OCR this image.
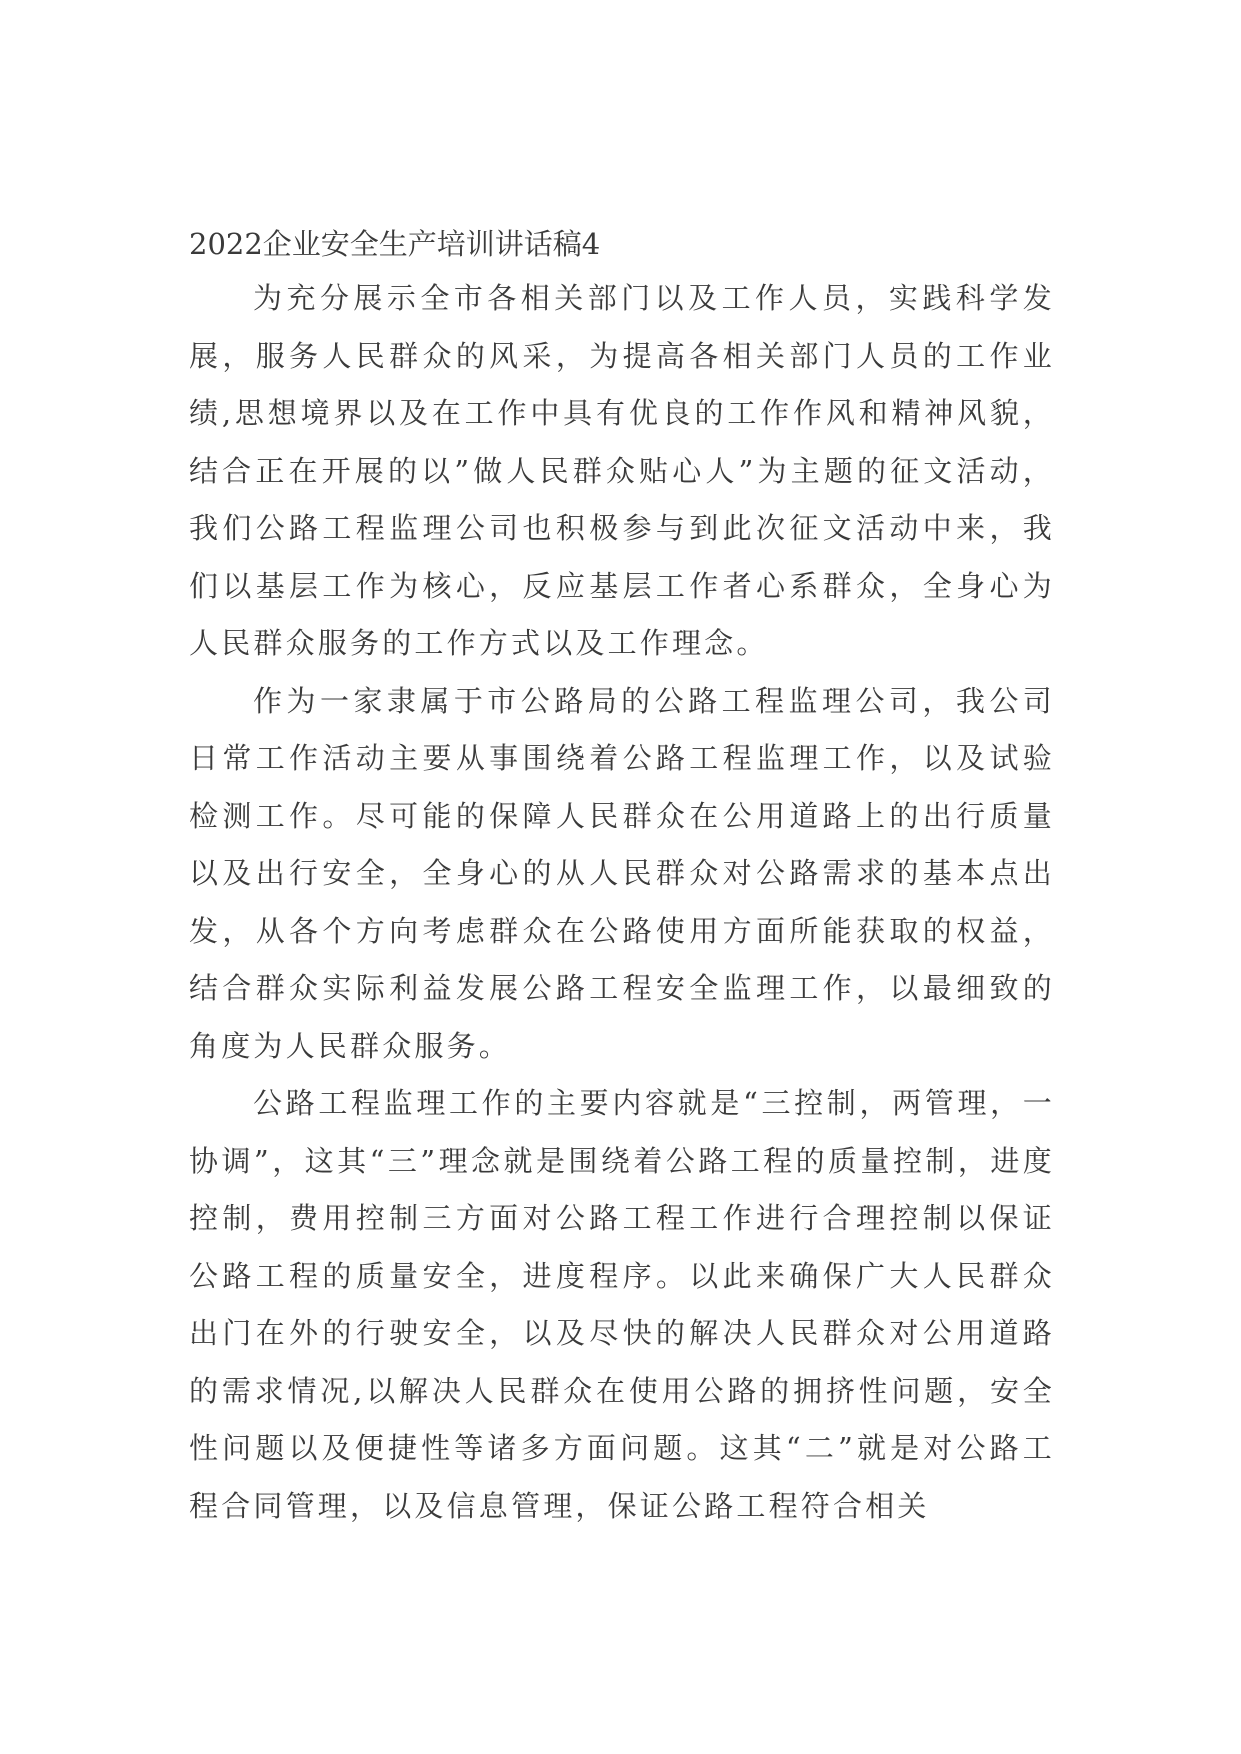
2022企业安全生产培训讲话稿4

为充分展示全市各相关部门以及工作人员，实践科学发展，服务人民群众的风采，为提高各相关部门人员的工作业绩,思想境界以及在工作中具有优良的工作作风和精神风貌，结合正在开展的以”做人民群众贴心人”为主题的征文活动，我们公路工程监理公司也积极参与到此次征文活动中来，我们以基层工作为核心，反应基层工作者心系群众，全身心为人民群众服务的工作方式以及工作理念。

作为一家隶属于市公路局的公路工程监理公司，我公司日常工作活动主要从事围绕着公路工程监理工作，以及试验检测工作。尽可能的保障人民群众在公用道路上的出行质量以及出行安全，全身心的从人民群众对公路需求的基本点出发，从各个方向考虑群众在公路使用方面所能获取的权益，结合群众实际利益发展公路工程安全监理工作，以最细致的角度为人民群众服务。

公路工程监理工作的主要内容就是“三控制，两管理，一协调”，这其“三”理念就是围绕着公路工程的质量控制，进度控制，费用控制三方面对公路工程工作进行合理控制以保证公路工程的质量安全，进度程序。以此来确保广大人民群众出门在外的行驶安全，以及尽快的解决人民群众对公用道路的需求情况,以解决人民群众在使用公路的拥挤性问题，安全性问题以及便捷性等诸多方面问题。这其“二”就是对公路工程合同管理，以及信息管理，保证公路工程符合相关
